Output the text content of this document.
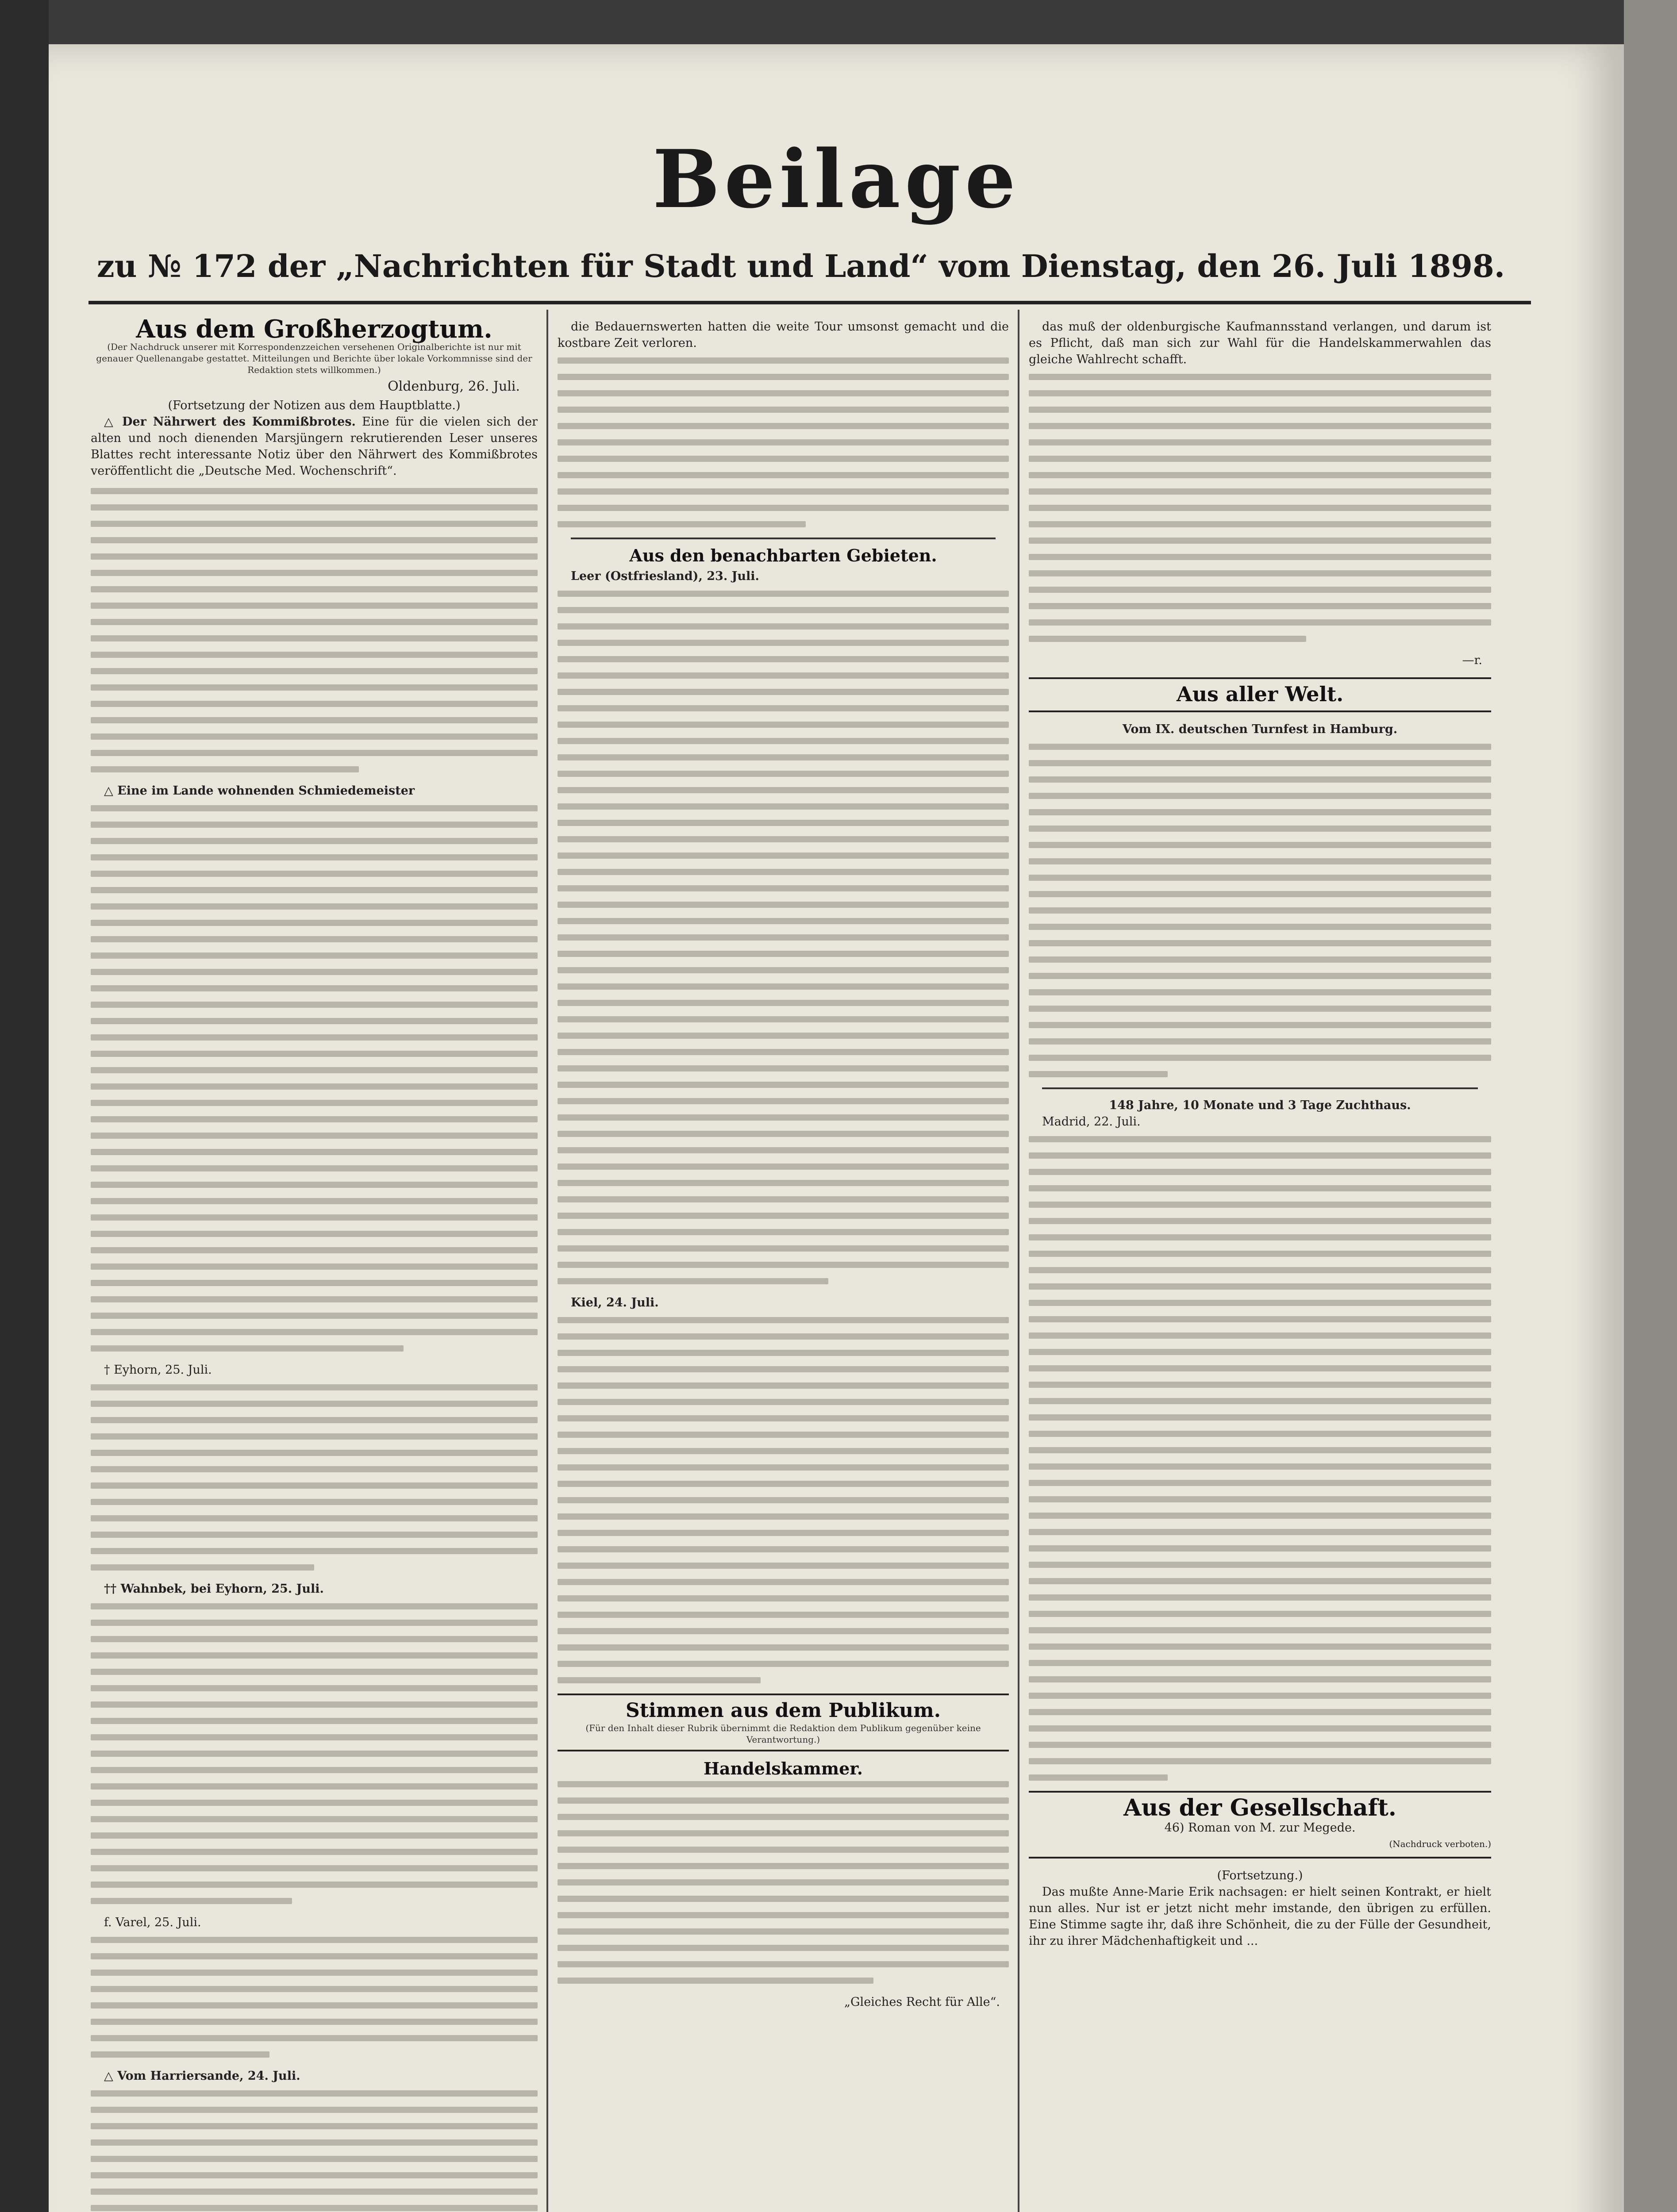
Beilage
zu № 172 der „Nachrichten für Stadt und Land“ vom Dienstag, den 26. Juli 1898.
Aus dem Großherzogtum.
(Der Nachdruck unserer mit Korrespondenzzeichen versehenen Originalberichte ist nur mit genauer Quellenangabe gestattet. Mitteilungen und Berichte über lokale Vorkommnisse sind der Redaktion stets willkommen.)
Oldenburg, 26. Juli.
(Fortsetzung der Notizen aus dem Hauptblatte.)

△ Der Nährwert des Kommißbrotes. Eine für die vielen sich der alten und noch dienenden Marsjüngern rekrutierenden Leser unseres Blattes recht interessante Notiz über den Nährwert des Kommißbrotes veröffentlicht die „Deutsche Med. Wochenschrift“.

△ Eine im Lande wohnenden Schmiedemeister

† Eyhorn, 25. Juli.

†† Wahnbek, bei Eyhorn, 25. Juli.

f. Varel, 25. Juli.

△ Vom Harriersande, 24. Juli.

die Bedauernswerten hatten die weite Tour umsonst gemacht und die kostbare Zeit verloren.

Aus den benachbarten Gebieten.

Leer (Ostfriesland), 23. Juli.

Kiel, 24. Juli.

Stimmen aus dem Publikum.
(Für den Inhalt dieser Rubrik übernimmt die Redaktion dem Publikum gegenüber keine Verantwortung.)
Handelskammer.
„Gleiches Recht für Alle“.

das muß der oldenburgische Kaufmannsstand verlangen, und darum ist es Pflicht, daß man sich zur Wahl für die Handelskammerwahlen das gleiche Wahlrecht schafft.

—r.
Aus aller Welt.
Vom IX. deutschen Turnfest in Hamburg.
148 Jahre, 10 Monate und 3 Tage Zuchthaus.

Madrid, 22. Juli.

Aus der Gesellschaft.
46) Roman von M. zur Megede.
(Nachdruck verboten.)
(Fortsetzung.)

Das mußte Anne-Marie Erik nachsagen: er hielt seinen Kontrakt, er hielt nun alles. Nur ist er jetzt nicht mehr imstande, den übrigen zu erfüllen. Eine Stimme sagte ihr, daß ihre Schönheit, die zu der Fülle der Gesundheit, ihr zu ihrer Mädchenhaftigkeit und ...
